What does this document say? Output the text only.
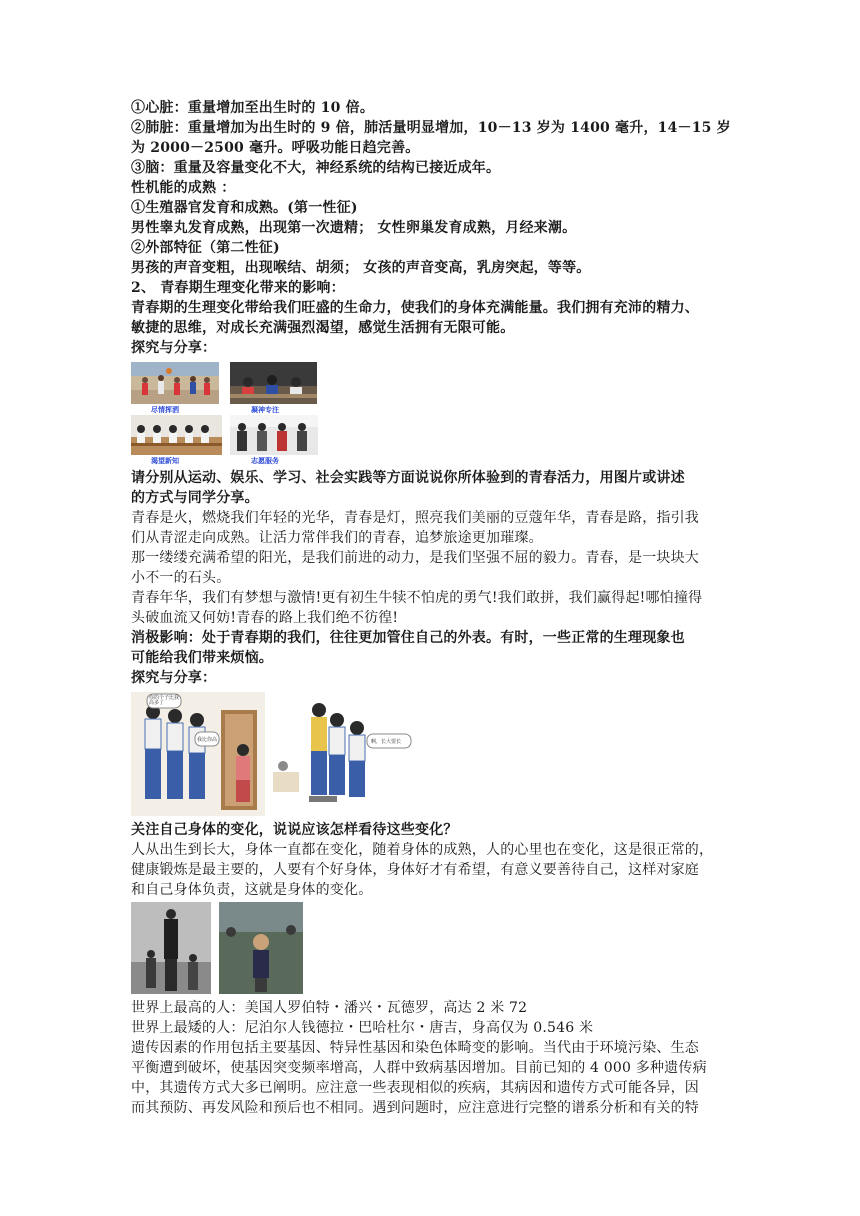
①心脏：重量增加至出生时的 10 倍。
②肺脏：重量增加为出生时的 9 倍，肺活量明显增加，10－13 岁为 1400 毫升，14－15 岁
为 2000－2500 毫升。呼吸功能日趋完善。
③脑：重量及容量变化不大，神经系统的结构已接近成年。
性机能的成熟 ：
①生殖器官发育和成熟。(第一性征)
男性睾丸发育成熟，出现第一次遗精； 女性卵巢发育成熟，月经来潮。
②外部特征（第二性征)
男孩的声音变粗，出现喉结、胡须； 女孩的声音变高，乳房突起，等等。
2、 青春期生理变化带来的影响：
青春期的生理变化带给我们旺盛的生命力，使我们的身体充满能量。我们拥有充沛的精力、
敏捷的思维，对成长充满强烈渴望，感觉生活拥有无限可能。
探究与分享：
尽情挥洒	凝神专注
渴望新知	志愿服务
请分别从运动、娱乐、学习、社会实践等方面说说你所体验到的青春活力，用图片或讲述
的方式与同学分享。
青春是火，燃烧我们年轻的光华，青春是灯，照亮我们美丽的豆蔻年华，青春是路，指引我
们从青涩走向成熟。让活力常伴我们的青春，追梦旅途更加璀璨。
那一缕缕充满希望的阳光，是我们前进的动力，是我们坚强不屈的毅力。青春，是一块块大
小不一的石头。
青春年华，我们有梦想与激情!更有初生牛犊不怕虎的勇气!我们敢拼，我们赢得起!哪怕撞得
头破血流又何妨!青春的路上我们绝不彷徨!
消极影响：处于青春期的我们，往往更加管住自己的外表。有时，一些正常的生理现象也
可能给我们带来烦恼。
探究与分享：
你的个子比我高多了
我比你高	啊，长大要长
关注自己身体的变化，说说应该怎样看待这些变化？
人从出生到长大，身体一直都在变化，随着身体的成熟，人的心里也在变化，这是很正常的，
健康锻炼是最主要的，人要有个好身体，身体好才有希望，有意义要善待自己，这样对家庭
和自己身体负责，这就是身体的变化。
世界上最高的人：美国人罗伯特・潘兴・瓦德罗，高达 2 米 72
世界上最矮的人：尼泊尔人钱德拉・巴哈杜尔・唐吉，身高仅为 0.546 米
遗传因素的作用包括主要基因、特异性基因和染色体畸变的影响。当代由于环境污染、生态
平衡遭到破坏，使基因突变频率增高，人群中致病基因增加。目前已知的 4 000 多种遗传病
中，其遗传方式大多已阐明。应注意一些表现相似的疾病，其病因和遗传方式可能各异，因
而其预防、再发风险和预后也不相同。遇到问题时，应注意进行完整的谱系分析和有关的特
